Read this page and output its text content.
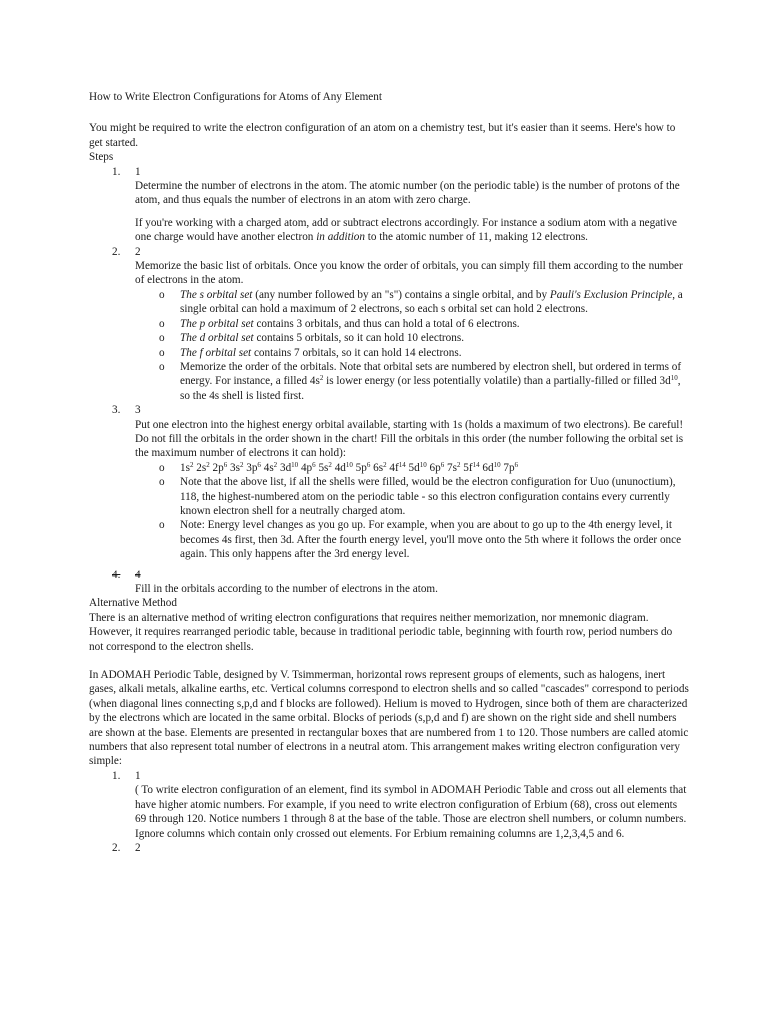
How to Write Electron Configurations for Atoms of Any Element

You might be required to write the electron configuration of an atom on a chemistry test, but it's easier than it seems. Here's how to get started.

Steps

1. 1

Determine the number of electrons in the atom. The atomic number (on the periodic table) is the number of protons of the atom, and thus equals the number of electrons in an atom with zero charge.

If you're working with a charged atom, add or subtract electrons accordingly. For instance a sodium atom with a negative one charge would have another electron in addition to the atomic number of 11, making 12 electrons.

2. 2

Memorize the basic list of orbitals. Once you know the order of orbitals, you can simply fill them according to the number of electrons in the atom.

o The s orbital set (any number followed by an "s") contains a single orbital, and by Pauli's Exclusion Principle, a single orbital can hold a maximum of 2 electrons, so each s orbital set can hold 2 electrons.
o The p orbital set contains 3 orbitals, and thus can hold a total of 6 electrons.
o The d orbital set contains 5 orbitals, so it can hold 10 electrons.
o The f orbital set contains 7 orbitals, so it can hold 14 electrons.
o Memorize the order of the orbitals. Note that orbital sets are numbered by electron shell, but ordered in terms of energy. For instance, a filled $4s^2$ is lower energy (or less potentially volatile) than a partially-filled or filled $3d^{10}$, so the 4s shell is listed first.
3. 3

Put one electron into the highest energy orbital available, starting with 1s (holds a maximum of two electrons). Be careful! Do not fill the orbitals in the order shown in the chart! Fill the orbitals in this order (the number following the orbital set is the maximum number of electrons it can hold):

o $1s^2$ $2s^2$ $2p^6$ $3s^2$ $3p^6$ $4s^2$ $3d^{10}$ $4p^6$ $5s^2$ $4d^{10}$ $5p^6$ $6s^2$ $4f^{14}$ $5d^{10}$ $6p^6$ $7s^2$ $5f^{14}$ $6d^{10}$ $7p^6$
o Note that the above list, if all the shells were filled, would be the electron configuration for Uuo (ununoctium), 118, the highest-numbered atom on the periodic table - so this electron configuration contains every currently known electron shell for a neutrally charged atom.
o Note: Energy level changes as you go up. For example, when you are about to go up to the 4th energy level, it becomes 4s first, then 3d. After the fourth energy level, you'll move onto the 5th where it follows the order once again. This only happens after the 3rd energy level.
4. 4

Fill in the orbitals according to the number of electrons in the atom.

Alternative Method

There is an alternative method of writing electron configurations that requires neither memorization, nor mnemonic diagram. However, it requires rearranged periodic table, because in traditional periodic table, beginning with fourth row, period numbers do not correspond to the electron shells.

In ADOMAH Periodic Table, designed by V. Tsimmerman, horizontal rows represent groups of elements, such as halogens, inert gases, alkali metals, alkaline earths, etc. Vertical columns correspond to electron shells and so called "cascades" correspond to periods (when diagonal lines connecting s,p,d and f blocks are followed). Helium is moved to Hydrogen, since both of them are characterized by the electrons which are located in the same orbital. Blocks of periods (s,p,d and f) are shown on the right side and shell numbers are shown at the base. Elements are presented in rectangular boxes that are numbered from 1 to 120. Those numbers are called atomic numbers that also represent total number of electrons in a neutral atom. This arrangement makes writing electron configuration very simple:

1. 1

( To write electron configuration of an element, find its symbol in ADOMAH Periodic Table and cross out all elements that have higher atomic numbers. For example, if you need to write electron configuration of Erbium (68), cross out elements 69 through 120. Notice numbers 1 through 8 at the base of the table. Those are electron shell numbers, or column numbers. Ignore columns which contain only crossed out elements. For Erbium remaining columns are 1,2,3,4,5 and 6.

2. 2
